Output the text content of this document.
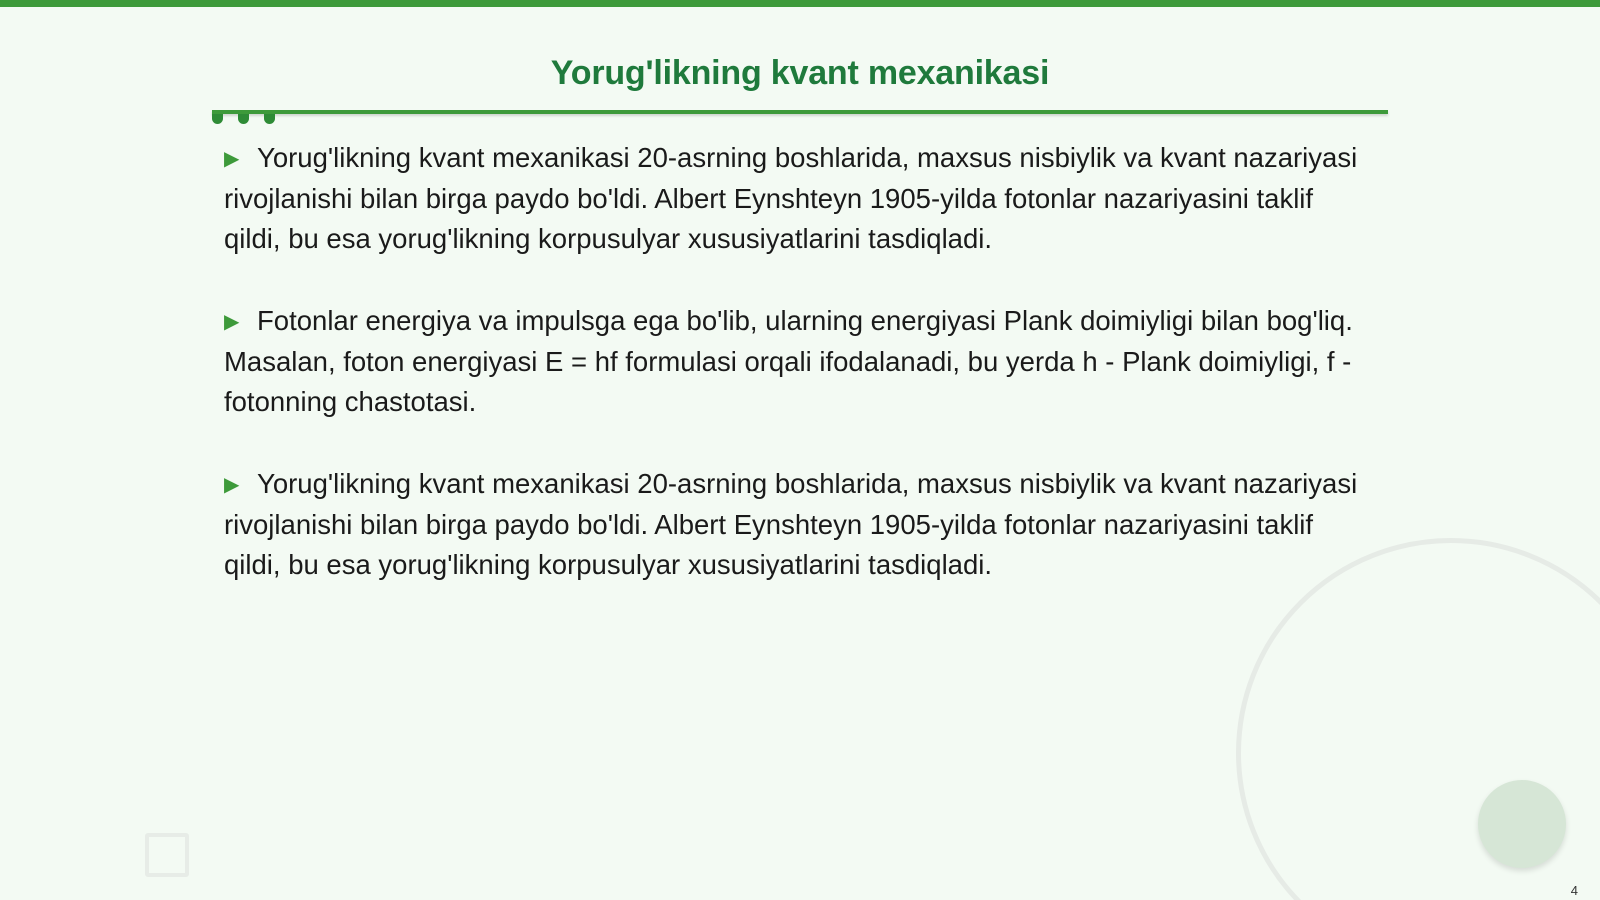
Yorug'likning kvant mexanikasi

▶ Yorug'likning kvant mexanikasi 20-asrning boshlarida, maxsus nisbiylik va kvant nazariyasi rivojlanishi bilan birga paydo bo'ldi. Albert Eynshteyn 1905-yilda fotonlar nazariyasini taklif qildi, bu esa yorug'likning korpusulyar xususiyatlarini tasdiqladi.

▶ Fotonlar energiya va impulsga ega bo'lib, ularning energiyasi Plank doimiyligi bilan bog'liq. Masalan, foton energiyasi E = hf formulasi orqali ifodalanadi, bu yerda h - Plank doimiyligi, f - fotonning chastotasi.

▶ Yorug'likning kvant mexanikasi 20-asrning boshlarida, maxsus nisbiylik va kvant nazariyasi rivojlanishi bilan birga paydo bo'ldi. Albert Eynshteyn 1905-yilda fotonlar nazariyasini taklif qildi, bu esa yorug'likning korpusulyar xususiyatlarini tasdiqladi.

4
